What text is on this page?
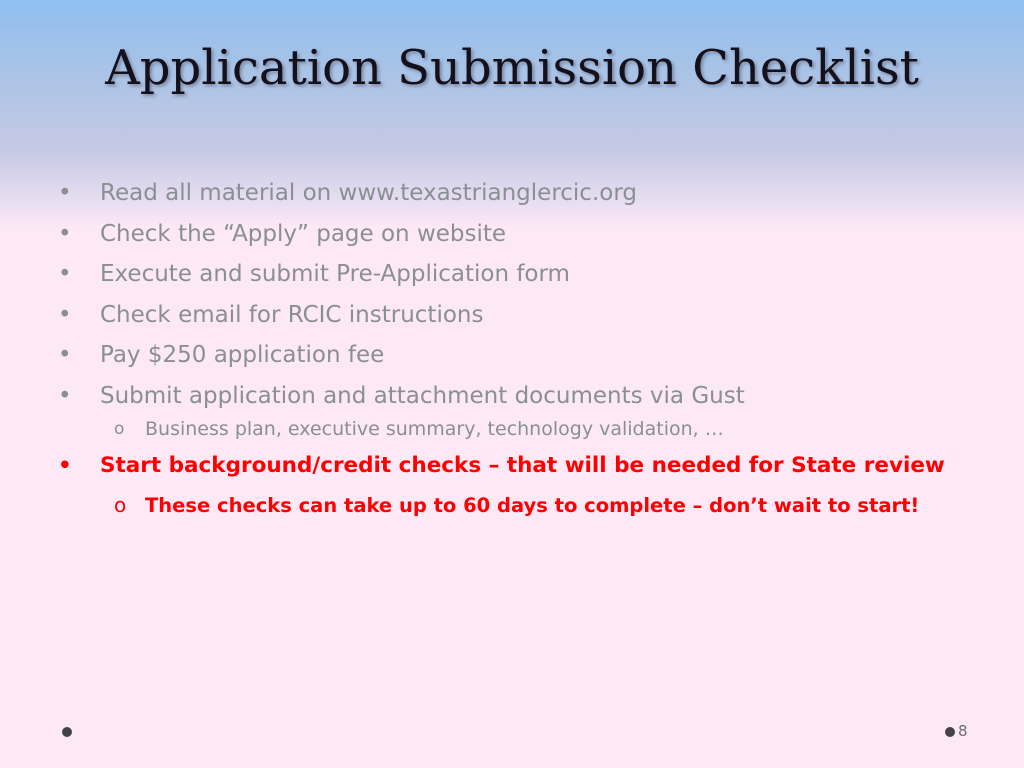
Application Submission Checklist
• Read all material on www.texastrianglercic.org
• Check the “Apply” page on website
• Execute and submit Pre-Application form
• Check email for RCIC instructions
• Pay $250 application fee
• Submit application and attachment documents via Gust
o	Business plan, executive summary, technology validation, …
• Start background/credit checks – that will be needed for State review
o These checks can take up to 60 days to complete – don’t wait to start!
8
